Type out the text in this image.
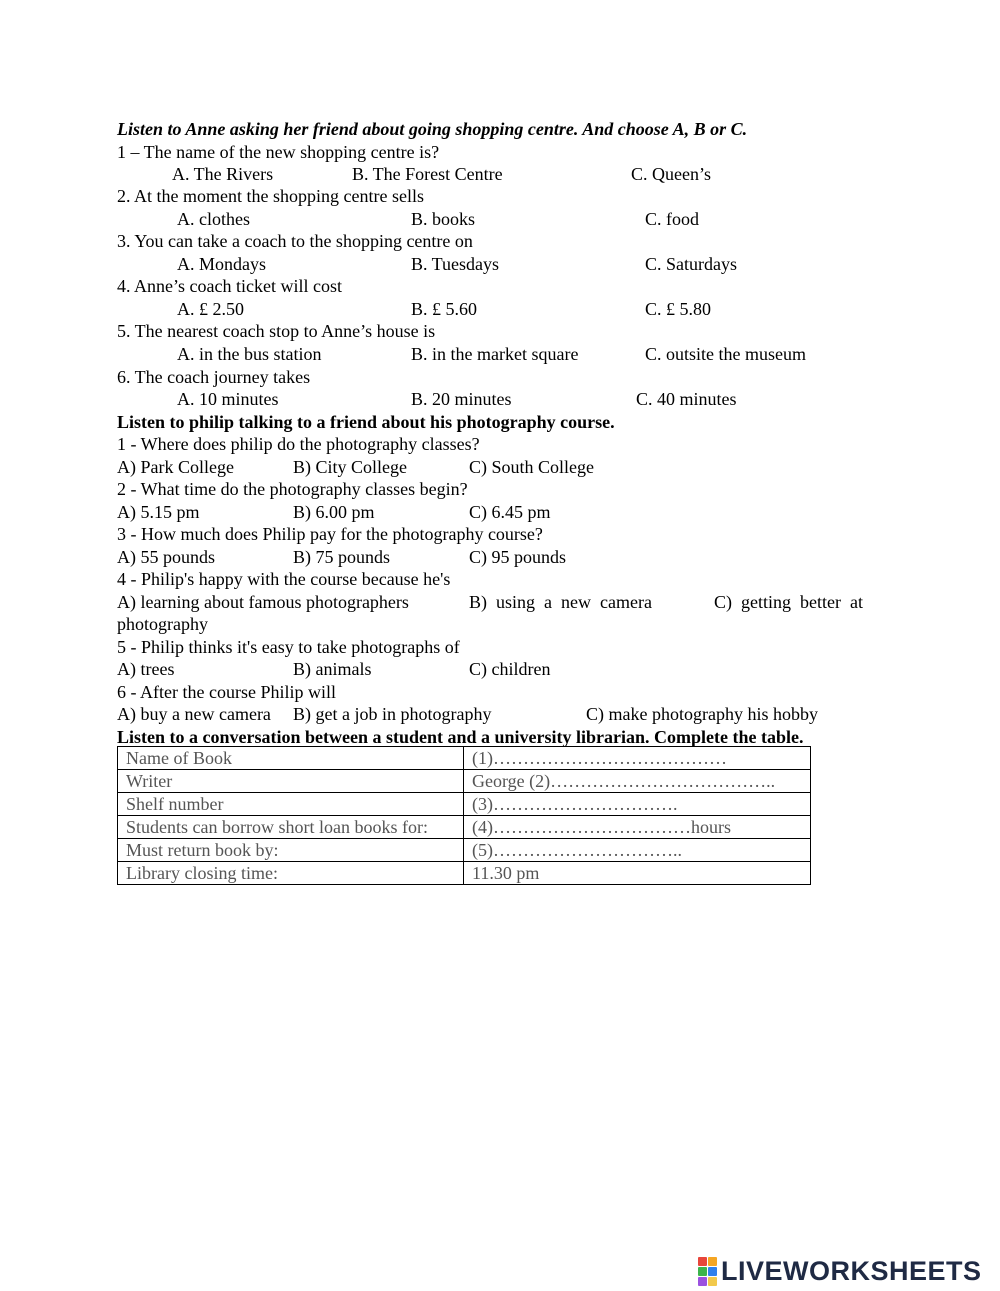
Listen to Anne asking her friend about going shopping centre. And choose A, B or C.
1 – The name of the new shopping centre is?
A. The Rivers	B. The Forest Centre	C. Queen’s
2. At the moment the shopping centre sells
A. clothes	B. books	C. food
3. You can take a coach to the shopping centre on
A. Mondays	B. Tuesdays	C. Saturdays
4. Anne’s coach ticket will cost
A. £ 2.50	B. £ 5.60	C. £ 5.80
5. The nearest coach stop to Anne’s house is
A. in the bus station	B. in the market square	C. outsite the museum
6. The coach journey takes
A. 10 minutes	B. 20 minutes	C. 40 minutes
Listen to philip talking to a friend about his photography course.
1 - Where does philip do the photography classes?
A) Park College	B) City College	C) South College
2 - What time do the photography classes begin?
A) 5.15 pm	B) 6.00 pm	C) 6.45 pm
3 - How much does Philip pay for the photography course?
A) 55 pounds	B) 75 pounds	C) 95 pounds
4 - Philip's happy with the course because he's
A) learning about famous photographers	B)  using  a  new  camera	C)  getting  better  at
photography
5 - Philip thinks it's easy to take photographs of
A) trees	B) animals	C) children
6 - After the course Philip will
A) buy a new camera B) get a job in photography	C) make photography his hobby
Listen to a conversation between a student and a university librarian. Complete the table.
Name of Book	(1)…………………………………
Writer	George (2)………………………………..
Shelf number	(3)………………………….
Students can borrow short loan books for:	(4)……………………………hours
Must return book by:	(5)…………………………..
Library closing time:	11.30 pm
LIVEWORKSHEETS
